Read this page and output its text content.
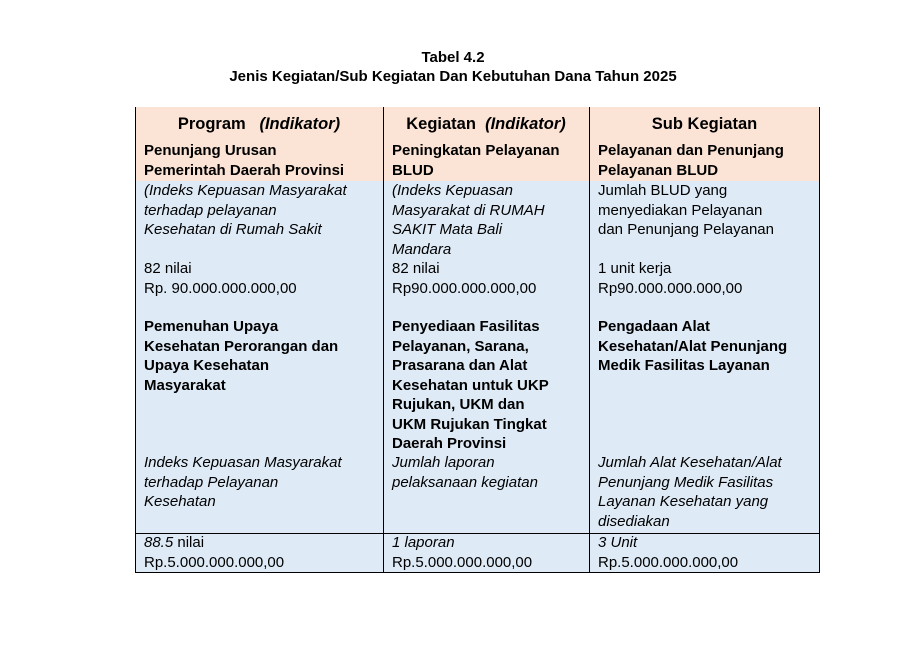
Tabel 4.2
Jenis Kegiatan/Sub Kegiatan Dan Kebutuhan Dana Tahun 2025
Program (Indikator)
Penunjang Urusan
Pemerintah Daerah Provinsi
(Indeks Kepuasan Masyarakat
terhadap pelayanan
Kesehatan di Rumah Sakit
82 nilai
Rp. 90.000.000.000,00
Pemenuhan Upaya
Kesehatan Perorangan dan
Upaya Kesehatan
Masyarakat
Indeks Kepuasan Masyarakat
terhadap Pelayanan
Kesehatan
88.5 nilai
Rp.5.000.000.000,00
Kegiatan (Indikator)
Peningkatan Pelayanan
BLUD
(Indeks Kepuasan
Masyarakat di RUMAH
SAKIT Mata Bali
Mandara
82 nilai
Rp90.000.000.000,00
Penyediaan Fasilitas
Pelayanan, Sarana,
Prasarana dan Alat
Kesehatan untuk UKP
Rujukan, UKM dan
UKM Rujukan Tingkat
Daerah Provinsi
Jumlah laporan
pelaksanaan kegiatan
1 laporan
Rp.5.000.000.000,00
Sub Kegiatan
Pelayanan dan Penunjang
Pelayanan BLUD
Jumlah BLUD yang
menyediakan Pelayanan
dan Penunjang Pelayanan
1 unit kerja
Rp90.000.000.000,00
Pengadaan Alat
Kesehatan/Alat Penunjang
Medik Fasilitas Layanan
Jumlah Alat Kesehatan/Alat
Penunjang Medik Fasilitas
Layanan Kesehatan yang
disediakan
3 Unit
Rp.5.000.000.000,00
